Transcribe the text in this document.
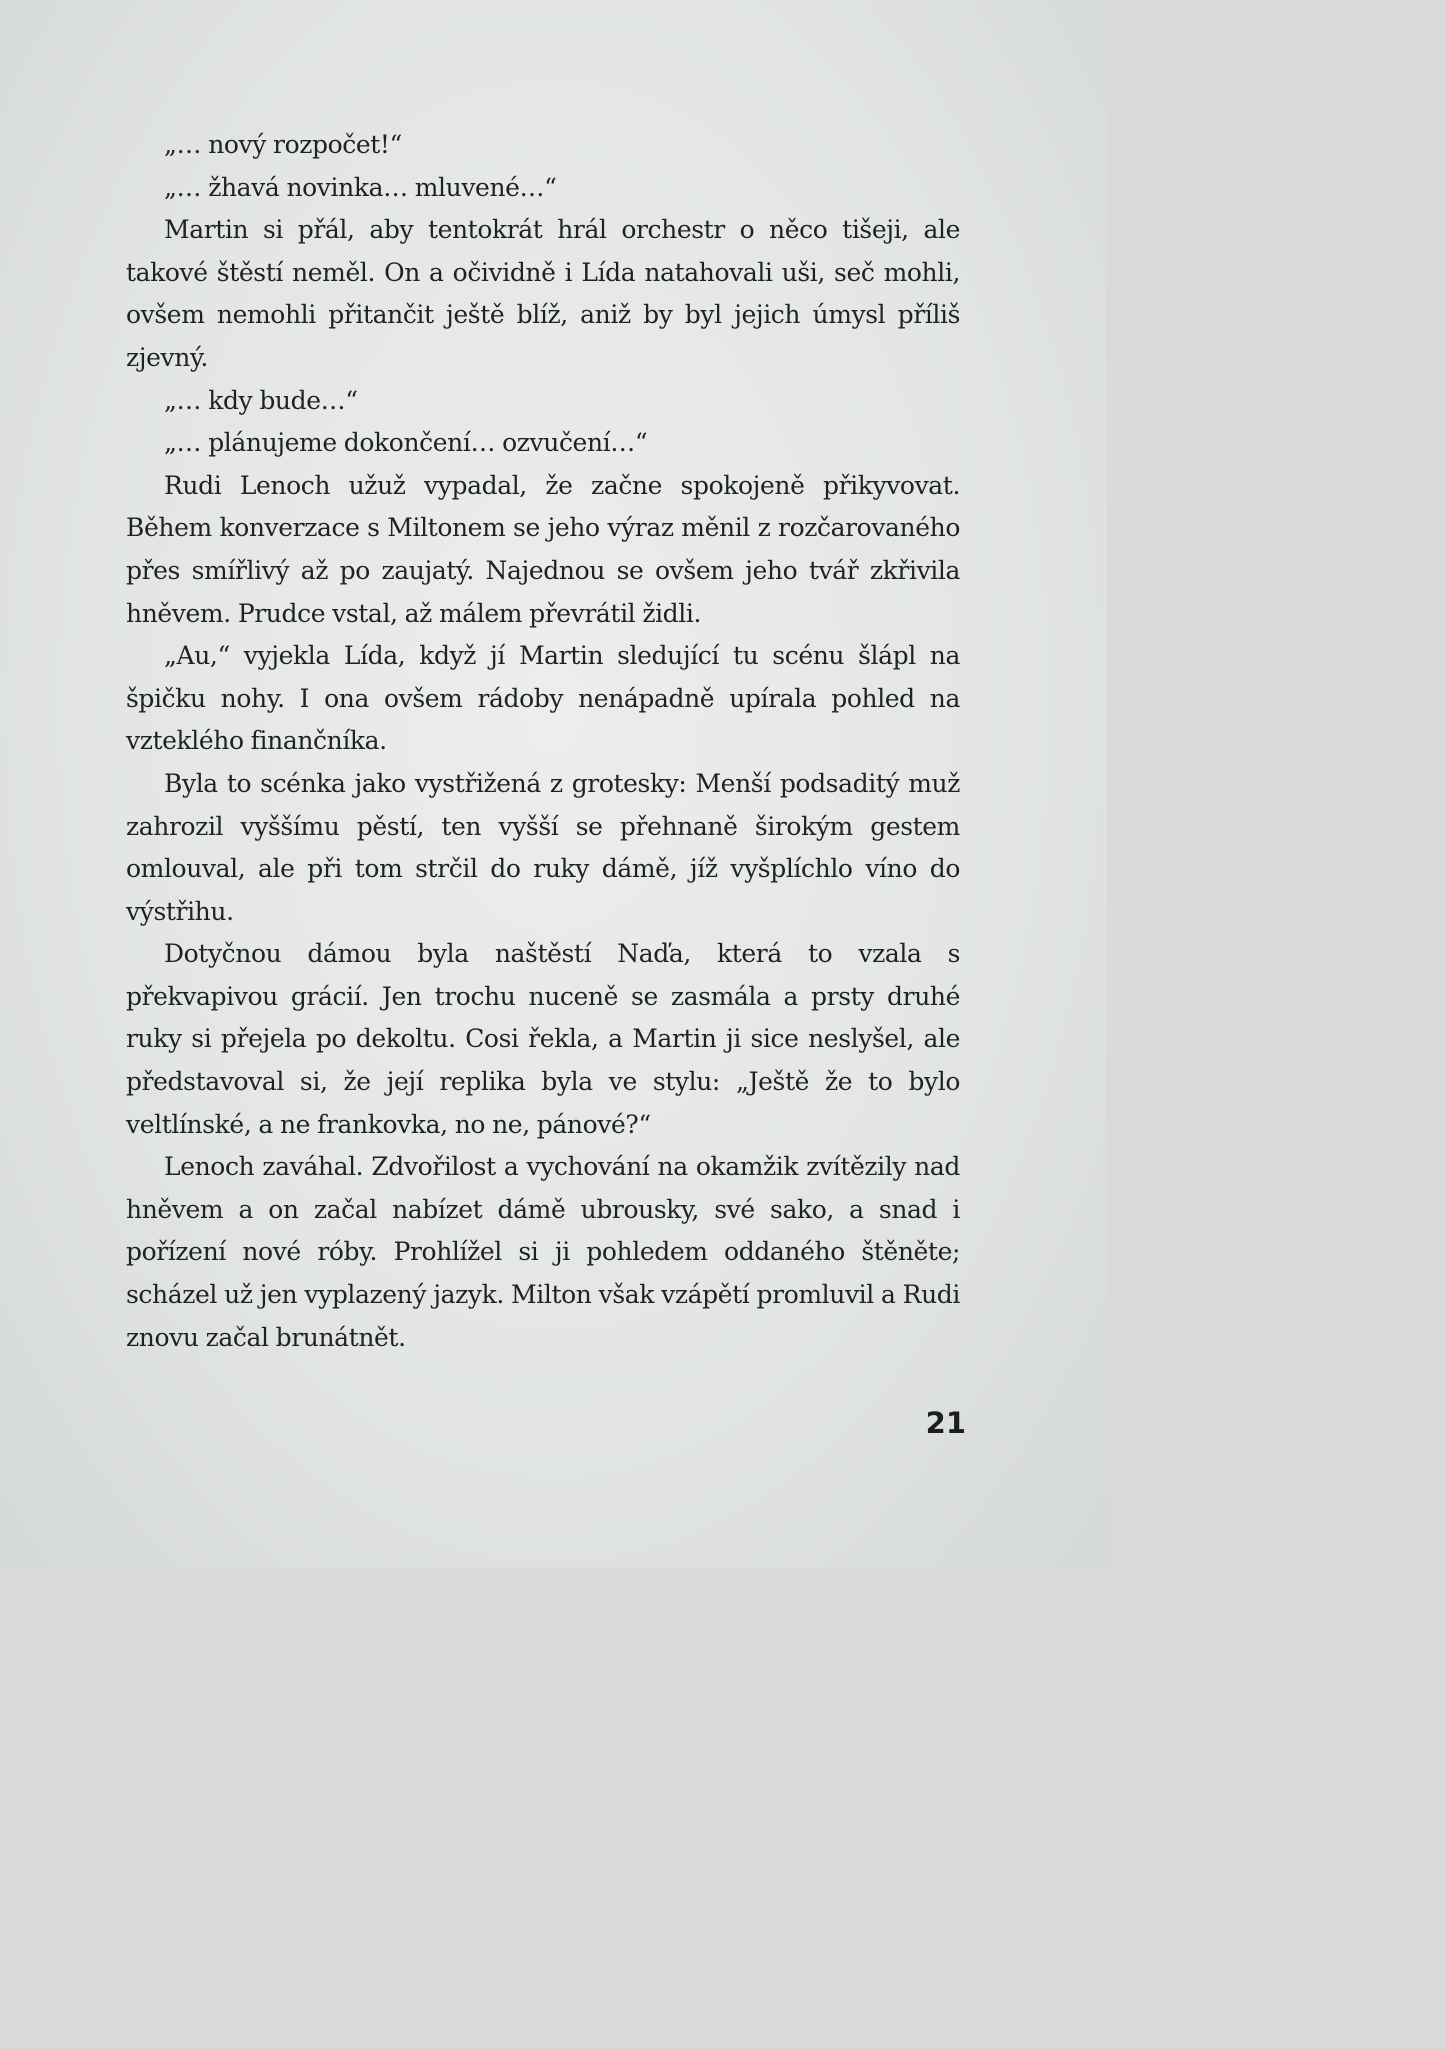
„… nový rozpočet!“

„… žhavá novinka… mluvené…“

Martin si přál, aby tentokrát hrál orchestr o něco tišeji, ale takové štěstí neměl. On a očividně i Lída natahovali uši, seč mohli, ovšem nemohli přitančit ještě blíž, aniž by byl jejich úmysl příliš zjevný.

„… kdy bude…“

„… plánujeme dokončení… ozvučení…“

Rudi Lenoch užuž vypadal, že začne spokojeně přikyvovat. Během konverzace s Miltonem se jeho výraz měnil z rozčarovaného přes smířlivý až po zaujatý. Najednou se ovšem jeho tvář zkřivila hněvem. Prudce vstal, až málem převrátil židli.

„Au,“ vyjekla Lída, když jí Martin sledující tu scénu šlápl na špičku nohy. I ona ovšem rádoby nenápadně upírala pohled na vzteklého finančníka.

Byla to scénka jako vystřižená z grotesky: Menší podsaditý muž zahrozil vyššímu pěstí, ten vyšší se přehnaně širokým gestem omlouval, ale při tom strčil do ruky dámě, jíž vyšplíchlo víno do výstřihu.

Dotyčnou dámou byla naštěstí Naďa, která to vzala s překvapivou grácií. Jen trochu nuceně se zasmála a prsty druhé ruky si přejela po dekoltu. Cosi řekla, a Martin ji sice neslyšel, ale představoval si, že její replika byla ve stylu: „Ještě že to bylo veltlínské, a ne frankovka, no ne, pánové?“

Lenoch zaváhal. Zdvořilost a vychování na okamžik zvítězily nad hněvem a on začal nabízet dámě ubrousky, své sako, a snad i pořízení nové róby. Prohlížel si ji pohledem oddaného štěněte; scházel už jen vyplazený jazyk. Milton však vzápětí promluvil a Rudi znovu začal brunátnět.

21
